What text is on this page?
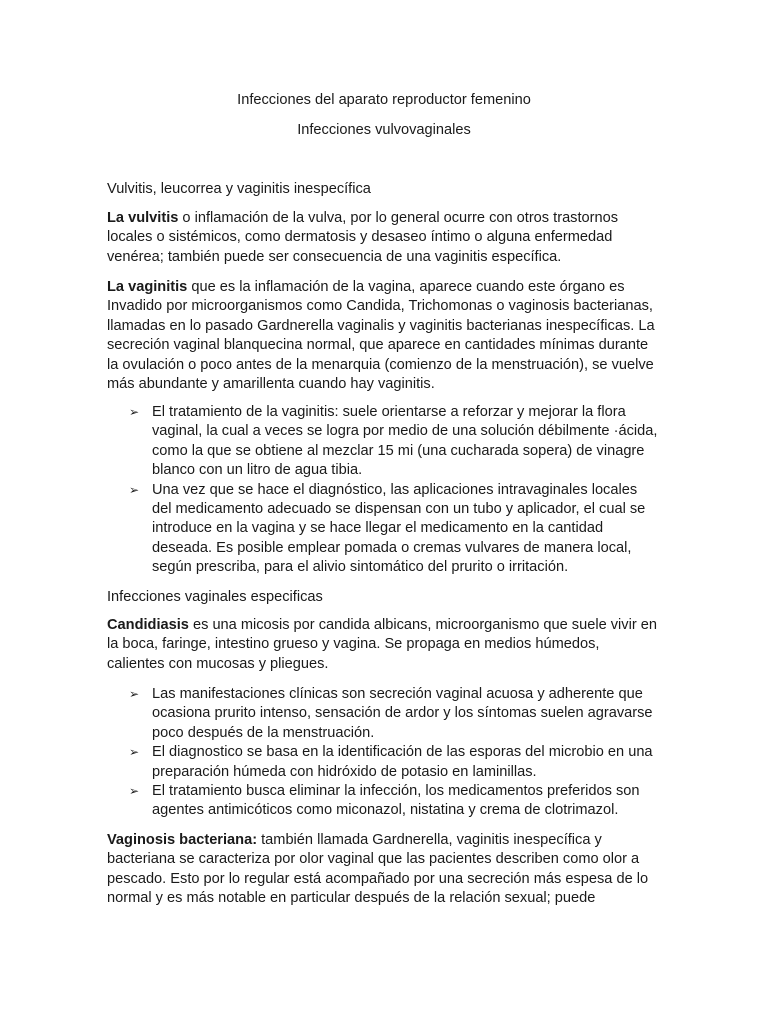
Infecciones del aparato reproductor femenino
Infecciones vulvovaginales
Vulvitis, leucorrea y vaginitis inespecífica

La vulvitis o inflamación de la vulva, por lo general ocurre con otros trastornos locales o sistémicos, como dermatosis y desaseo íntimo o alguna enfermedad venérea; también puede ser consecuencia de una vaginitis específica.

La vaginitis que es la inflamación de la vagina, aparece cuando este órgano es Invadido por microorganismos como Candida, Trichomonas o vaginosis bacterianas, llamadas en lo pasado Gardnerella vaginalis y vaginitis bacterianas inespecíficas. La secreción vaginal blanquecina normal, que aparece en cantidades mínimas durante la ovulación o poco antes de la menarquia (comienzo de la menstruación), se vuelve más abundante y amarillenta cuando hay vaginitis.

➢ El tratamiento de la vaginitis: suele orientarse a reforzar y mejorar la flora vaginal, la cual a veces se logra por medio de una solución débilmente ·ácida, como la que se obtiene al mezclar 15 mi (una cucharada sopera) de vinagre blanco con un litro de agua tibia.
➢ Una vez que se hace el diagnóstico, las aplicaciones intravaginales locales del medicamento adecuado se dispensan con un tubo y aplicador, el cual se introduce en la vagina y se hace llegar el medicamento en la cantidad deseada. Es posible emplear pomada o cremas vulvares de manera local, según prescriba, para el alivio sintomático del prurito o irritación.
Infecciones vaginales especificas

Candidiasis es una micosis por candida albicans, microorganismo que suele vivir en la boca, faringe, intestino grueso y vagina. Se propaga en medios húmedos, calientes con mucosas y pliegues.

➢ Las manifestaciones clínicas son secreción vaginal acuosa y adherente que ocasiona prurito intenso, sensación de ardor y los síntomas suelen agravarse poco después de la menstruación.
➢ El diagnostico se basa en la identificación de las esporas del microbio en una preparación húmeda con hidróxido de potasio en laminillas.
➢ El tratamiento busca eliminar la infección, los medicamentos preferidos son agentes antimicóticos como miconazol, nistatina y crema de clotrimazol.

Vaginosis bacteriana: también llamada Gardnerella, vaginitis inespecífica y bacteriana se caracteriza por olor vaginal que las pacientes describen como olor a pescado. Esto por lo regular está acompañado por una secreción más espesa de lo normal y es más notable en particular después de la relación sexual; puede
